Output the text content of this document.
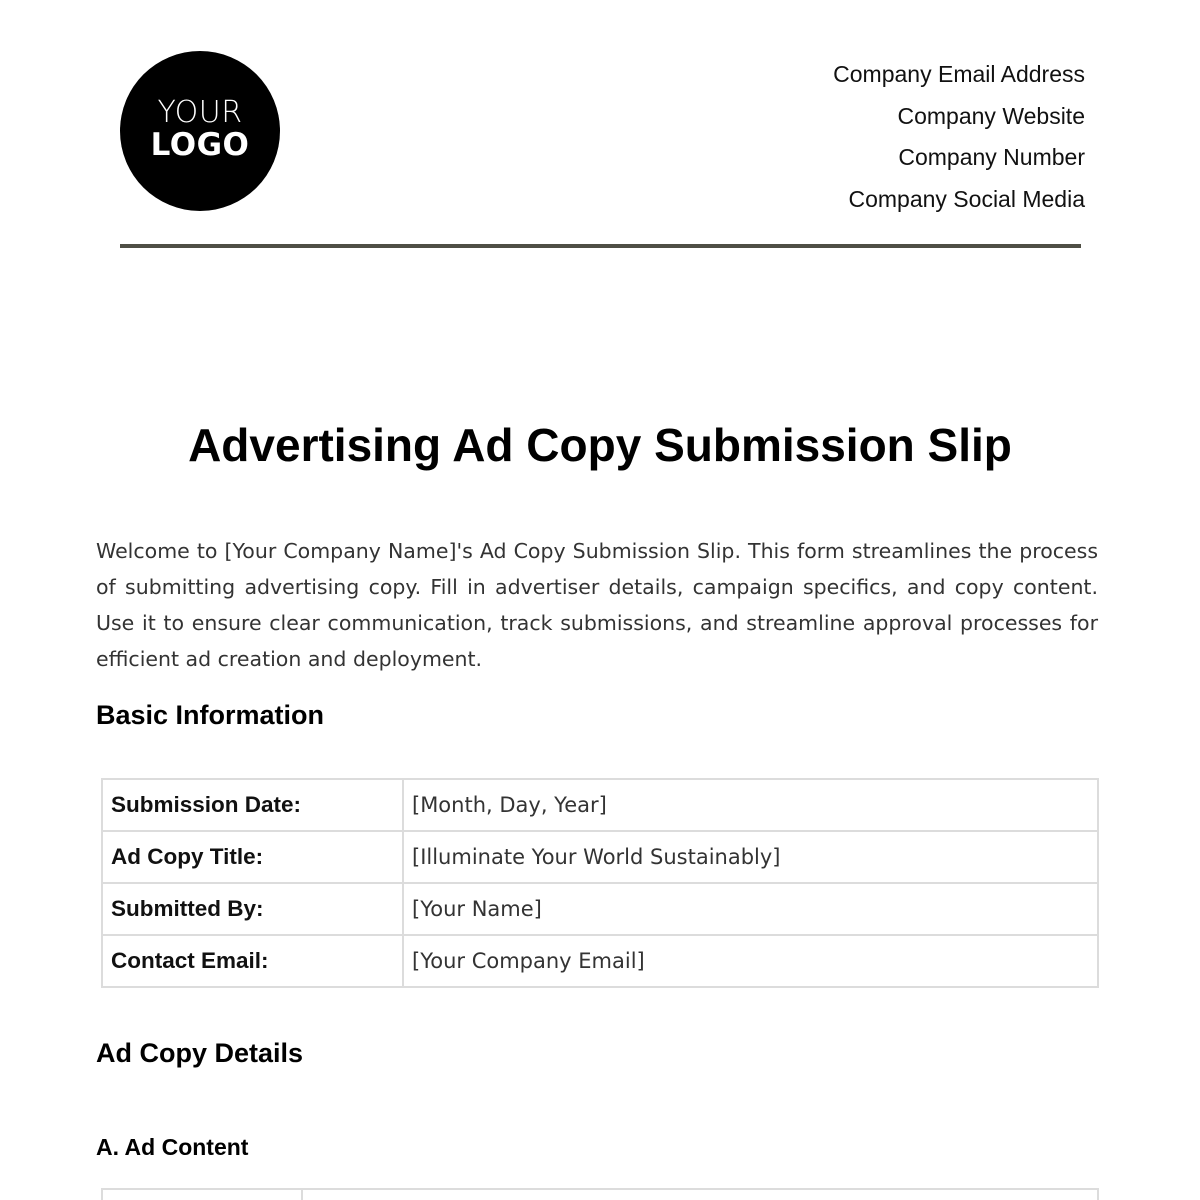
YOUR
LOGO
Company Email Address
Company Website
Company Number
Company Social Media
Advertising Ad Copy Submission Slip

Welcome to [Your Company Name]'s Ad Copy Submission Slip. This form streamlines the process of submitting advertising copy. Fill in advertiser details, campaign specifics, and copy content. Use it to ensure clear communication, track submissions, and streamline approval processes for efficient ad creation and deployment.

Basic Information
Submission Date:	[Month, Day, Year]
Ad Copy Title:	[Illuminate Your World Sustainably]
Submitted By:	[Your Name]
Contact Email:	[Your Company Email]
Ad Copy Details
A. Ad Content
